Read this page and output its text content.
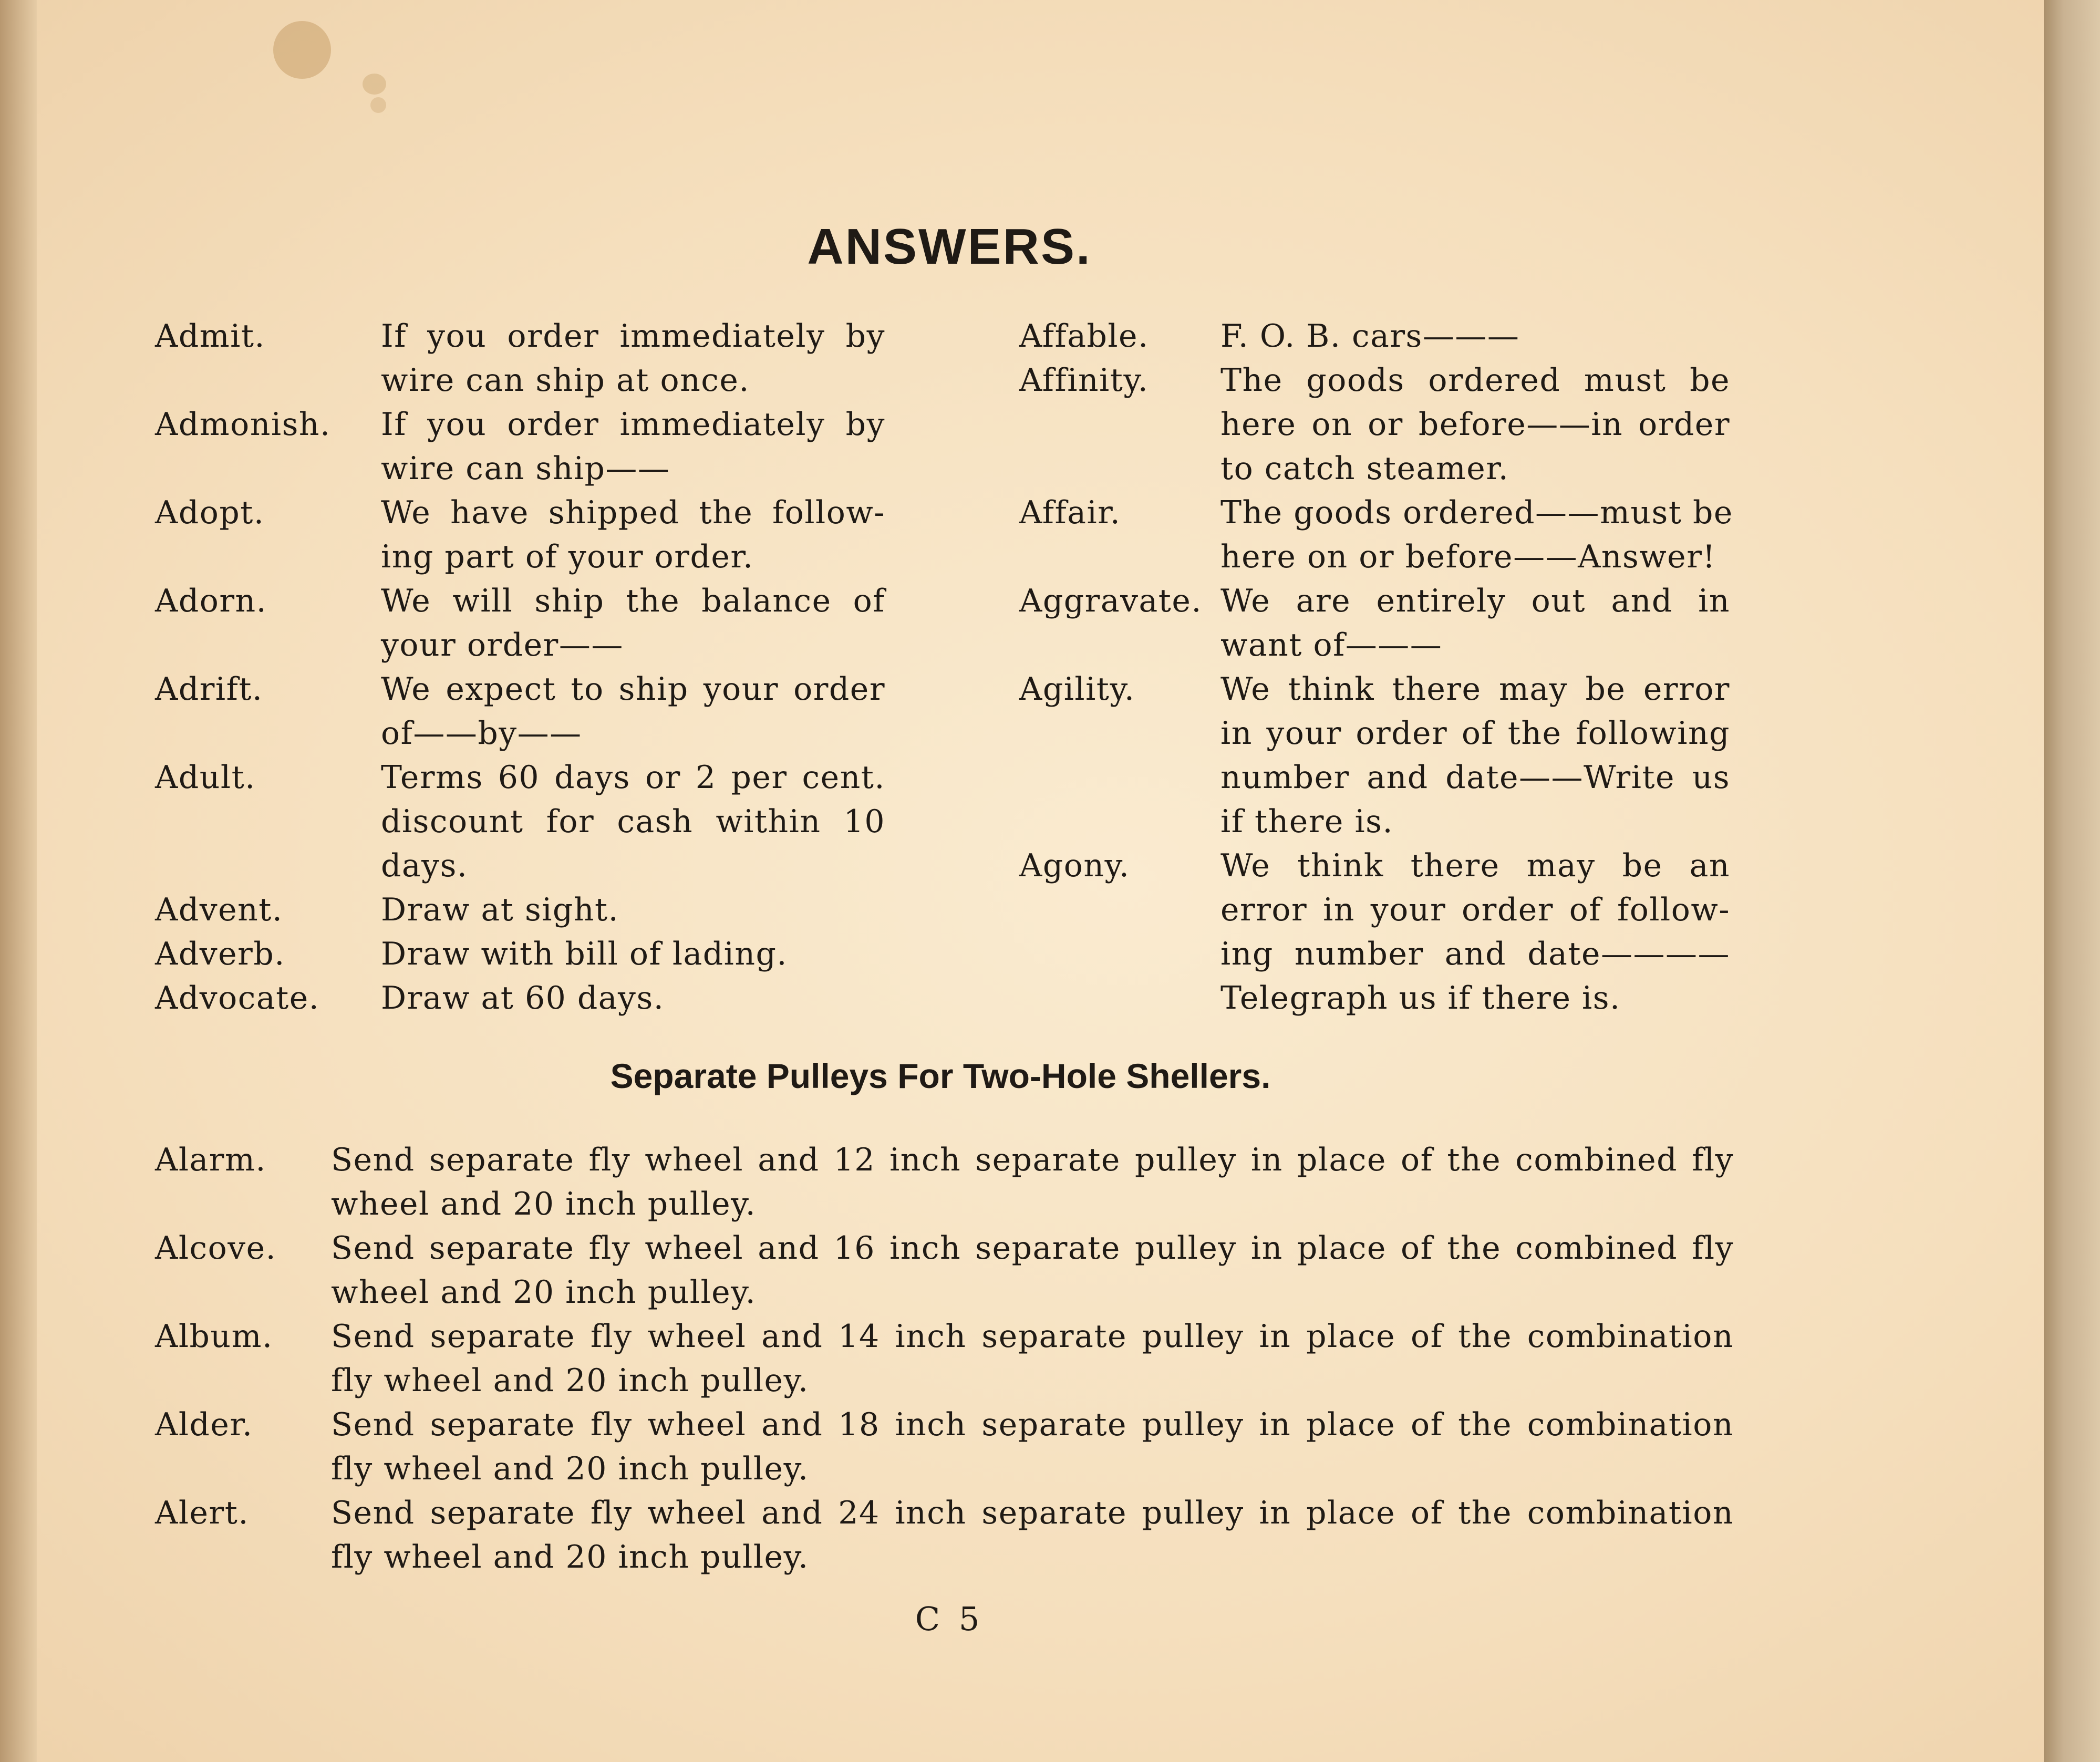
ANSWERS.
Admit.	If you order immediately by
wire can ship at once.
Admonish. If you order immediately by
wire can ship——
Adopt.	We have shipped the follow-
ing part of your order.
Adorn.	We will ship the balance of
your order——
Adrift.	We expect to ship your order
of——by——
Adult.	Terms 60 days or 2 per cent.
discount for cash within 10
days.
Advent.	Draw at sight.
Adverb.	Draw with bill of lading.
Advocate. Draw at 60 days.
Affable. F. O. B. cars———
Affinity. The goods ordered must be
here on or before——in order
to catch steamer.
Affair.	The goods ordered——must be
here on or before——Answer!
Aggravate. We are entirely out and in
want of———
Agility.	We think there may be error
in your order of the following
number and date——Write us
if there is.
Agony.	We think there may be an
error in your order of follow-
ing number and date————
Telegraph us if there is.
Separate Pulleys For Two-Hole Shellers.
Alarm. Send separate fly wheel and 12 inch separate pulley in place of the combined fly
wheel and 20 inch pulley.
Alcove. Send separate fly wheel and 16 inch separate pulley in place of the combined fly
wheel and 20 inch pulley.
Album. Send separate fly wheel and 14 inch separate pulley in place of the combination
fly wheel and 20 inch pulley.
Alder. Send separate fly wheel and 18 inch separate pulley in place of the combination
fly wheel and 20 inch pulley.
Alert.	Send separate fly wheel and 24 inch separate pulley in place of the combination
fly wheel and 20 inch pulley.
C 5
